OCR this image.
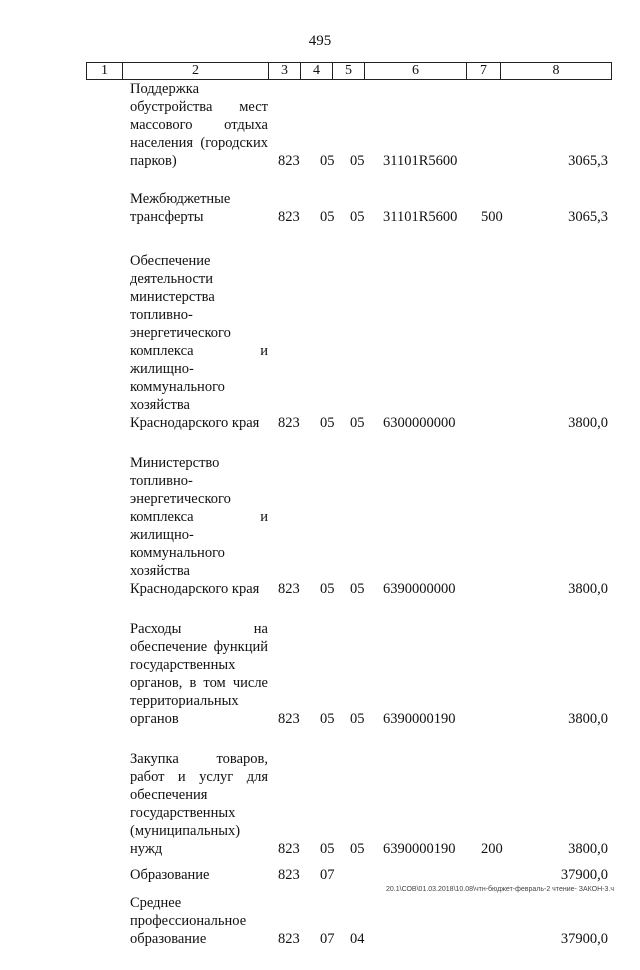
495
1	2	3	4	5	6	7	8
Поддержка обустройства мест массового отдыха населения (городских парков)	823 05 05 31101R5600	3065,3
Межбюджетные трансферты	823 05 05 31101R5600 500	3065,3
Обеспечение деятельности министерства топливно-энергетического комплекса и жилищно-коммунального хозяйства Краснодарского края	823 05 05 6300000000	3800,0
Министерство топливно-энергетического комплекса и жилищно-коммунального хозяйства Краснодарского края	823 05 05 6390000000	3800,0
Расходы на обеспечение функций государственных органов, в том числе территориальных органов	823 05 05 6390000190	3800,0
Закупка товаров, работ и услуг для обеспечения государственных (муниципальных) нужд	823 05 05 6390000190 200	3800,0
Образование	823 07	37900,0
Среднее профессиональное образование	823 07 04	37900,0
20.1\СОВ\01.03.2018\10.08\чтн-бюджет-февраль-2 чтение- ЗАКОН-3.ч
